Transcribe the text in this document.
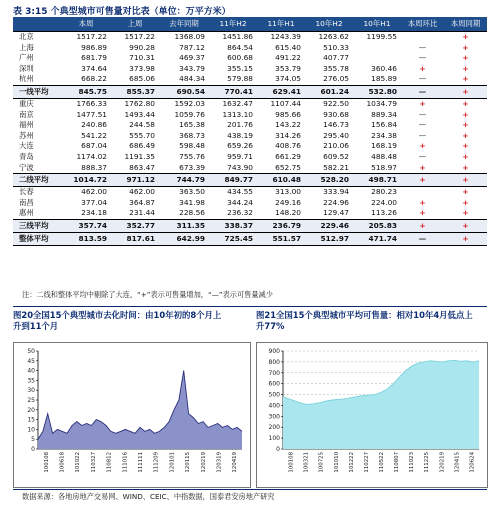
表 3:15 个典型城市可售量对比表（单位：万平方米）
	本周	上周	去年同期	11年H2	11年H1	10年H2	10年H1	本周环比	本周同期
北京	1517.22	1517.22	1368.09	1451.86	1243.39	1263.62	1199.55		+
上海	986.89	990.28	787.12	864.54	615.40	510.33		—	+
广州	681.79	710.31	469.37	600.68	491.22	407.77		—	+
深圳	374.64	373.98	343.79	355.15	353.79	355.78	360.46	+	+
杭州	668.22	685.06	484.34	579.88	374.05	276.05	185.89	—	+
一线平均	845.75	855.37	690.54	770.41	629.41	601.24	532.80	—	+
重庆	1766.33	1762.80	1592.03	1632.47	1107.44	922.50	1034.79	+	+
南京	1477.51	1493.44	1059.76	1313.10	985.66	930.68	889.34	—	+
福州	240.86	244.58	165.38	201.76	143.22	146.73	156.84	—	+
苏州	541.22	555.70	368.73	438.19	314.26	295.40	234.38	—	+
大连	687.04	686.49	598.48	659.26	408.76	210.06	168.19	+	+
青岛	1174.02	1191.35	755.76	959.71	661.29	609.52	488.48	—	+
宁波	888.37	863.47	673.39	743.90	652.75	582.21	518.97	+	+
二线平均	1014.72	971.12	744.79	849.77	610.48	528.20	498.71	+	+
长春	462.00	462.00	363.50	434.55	313.00	333.94	280.23		+
南昌	377.04	364.87	341.98	344.24	249.16	224.96	224.00	+	+
惠州	234.18	231.44	228.56	236.32	148.20	129.47	113.26	+	+
三线平均	357.74	352.77	311.35	338.37	236.79	229.46	205.83	+	+
整体平均	813.59	817.61	642.99	725.45	551.57	512.97	471.74	—	+
注：二线和整体平均中剔除了大连，“+”表示可售量增加，“—”表示可售量减少
图20全国15个典型城市去化时间：由10年初的8个月上
升到11个月
图21全国15个典型城市平均可售量：相对10年4月低点上
升77%
50
45
40
35
30
25
20
15
10
5
0
100108 100618 101022 110327 110812 111016 111111 111209 120101 120115 120219 120319 120419
900
800
700
600
500
400
300
200
100
0
100108 100321 100725 101010 101222 110227 110522 110807 111023 111225 120219 120415 120624
数据来源：各地房地产交易网、WIND、CEIC、中指数据，国泰君安房地产研究
